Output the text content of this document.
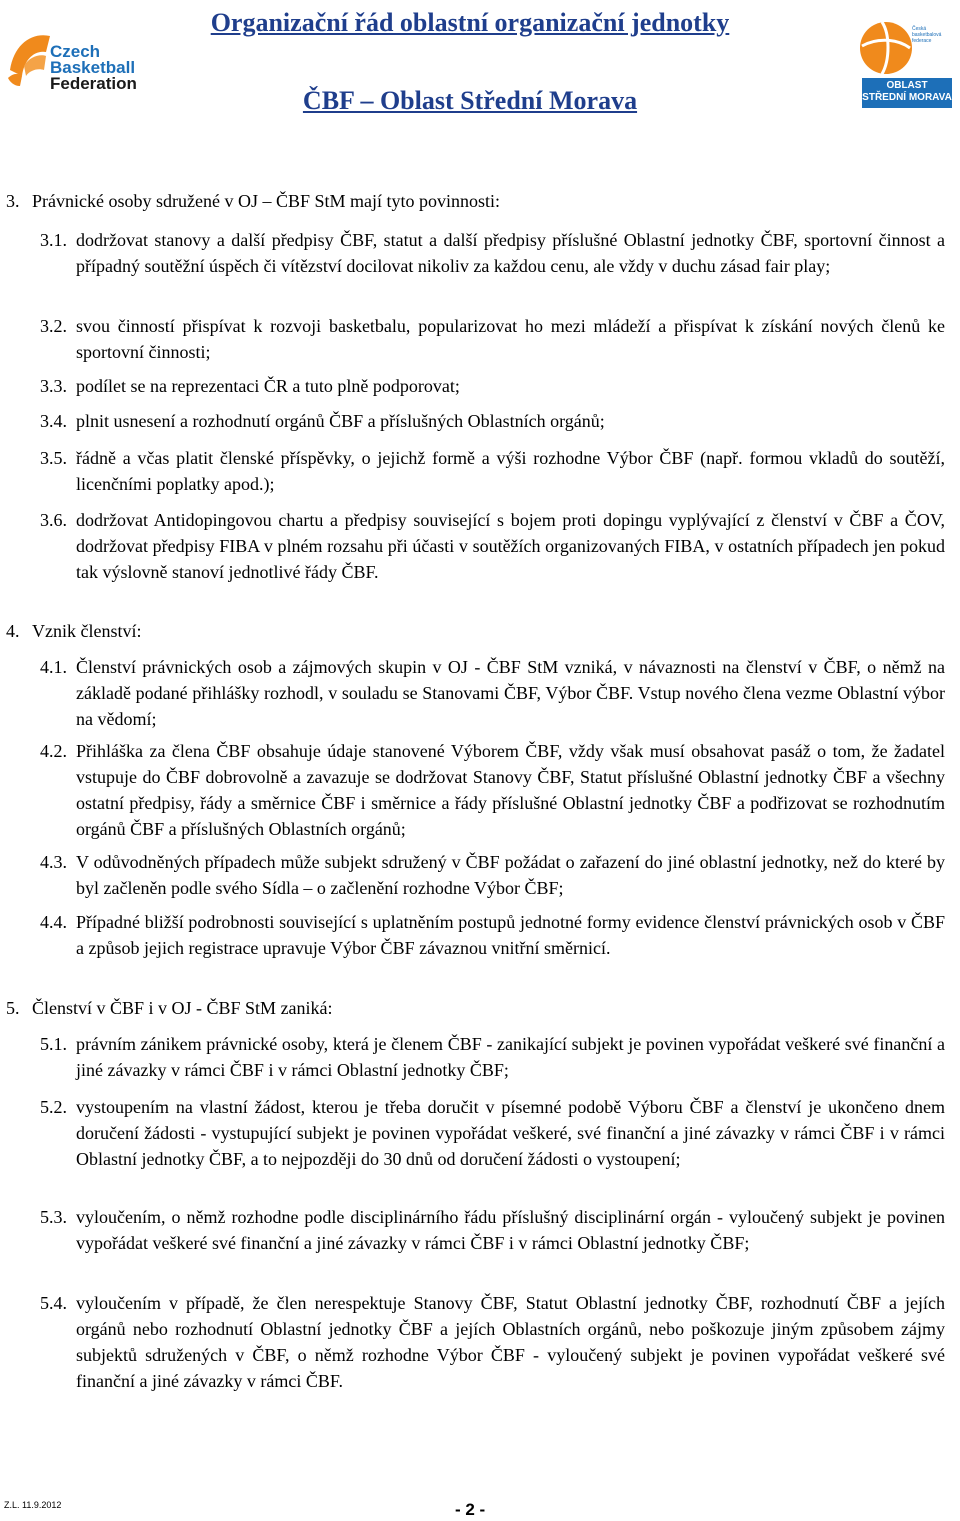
Czech
Basketball
Federation
Organizační řád oblastní organizační jednotky
ČBF – Oblast Střední Morava
Česká
basketbalová
federace
OBLAST
STŘEDNÍ MORAVA
3. Právnické osoby sdružené v OJ – ČBF StM mají tyto povinnosti:
3.1. dodržovat stanovy a další předpisy ČBF, statut a další předpisy příslušné Oblastní jednotky ČBF, sportovní činnost a případný soutěžní úspěch či vítězství docilovat nikoliv za každou cenu, ale vždy v duchu zásad fair play;
3.2. svou činností přispívat k rozvoji basketbalu, popularizovat ho mezi mládeží a přispívat k získání nových členů ke sportovní činnosti;
3.3. podílet se na reprezentaci ČR a tuto plně podporovat;
3.4. plnit usnesení a rozhodnutí orgánů ČBF a příslušných Oblastních orgánů;
3.5. řádně a včas platit členské příspěvky, o jejichž formě a výši rozhodne Výbor ČBF (např. formou vkladů do soutěží, licenčními poplatky apod.);
3.6. dodržovat Antidopingovou chartu a předpisy související s bojem proti dopingu vyplývající z členství v ČBF a ČOV, dodržovat předpisy FIBA v plném rozsahu při účasti v soutěžích organizovaných FIBA, v ostatních případech jen pokud tak výslovně stanoví jednotlivé řády ČBF.
4. Vznik členství:
4.1. Členství právnických osob a zájmových skupin v OJ - ČBF StM vzniká, v návaznosti na členství v ČBF, o němž na základě podané přihlášky rozhodl, v souladu se Stanovami ČBF, Výbor ČBF. Vstup nového člena vezme Oblastní výbor na vědomí;
4.2. Přihláška za člena ČBF obsahuje údaje stanovené Výborem ČBF, vždy však musí obsahovat pasáž o tom, že žadatel vstupuje do ČBF dobrovolně a zavazuje se dodržovat Stanovy ČBF, Statut příslušné Oblastní jednotky ČBF a všechny ostatní předpisy, řády a směrnice ČBF i směrnice a řády příslušné Oblastní jednotky ČBF a podřizovat se rozhodnutím orgánů ČBF a příslušných Oblastních orgánů;
4.3. V odůvodněných případech může subjekt sdružený v ČBF požádat o zařazení do jiné oblastní jednotky, než do které by byl začleněn podle svého Sídla – o začlenění rozhodne Výbor ČBF;
4.4. Případné bližší podrobnosti související s uplatněním postupů jednotné formy evidence členství právnických osob v ČBF a způsob jejich registrace upravuje Výbor ČBF závaznou vnitřní směrnicí.
5. Členství v ČBF i v OJ - ČBF StM zaniká:
5.1. právním zánikem právnické osoby, která je členem ČBF - zanikající subjekt je povinen vypořádat veškeré své finanční a jiné závazky v rámci ČBF i v rámci Oblastní jednotky ČBF;
5.2. vystoupením na vlastní žádost, kterou je třeba doručit v písemné podobě Výboru ČBF a členství je ukončeno dnem doručení žádosti - vystupující subjekt je povinen vypořádat veškeré, své finanční a jiné závazky v rámci ČBF i v rámci Oblastní jednotky ČBF, a to nejpozději do 30 dnů od doručení žádosti o vystoupení;
5.3. vyloučením, o němž rozhodne podle disciplinárního řádu příslušný disciplinární orgán - vyloučený subjekt je povinen vypořádat veškeré své finanční a jiné závazky v rámci ČBF i v rámci Oblastní jednotky ČBF;
5.4. vyloučením v případě, že člen nerespektuje Stanovy ČBF, Statut Oblastní jednotky ČBF, rozhodnutí ČBF a jejích orgánů nebo rozhodnutí Oblastní jednotky ČBF a jejích Oblastních orgánů, nebo poškozuje jiným způsobem zájmy subjektů sdružených v ČBF, o němž rozhodne Výbor ČBF - vyloučený subjekt je povinen vypořádat veškeré své finanční a jiné závazky v rámci ČBF.
Z.L. 11.9.2012	- 2 -
